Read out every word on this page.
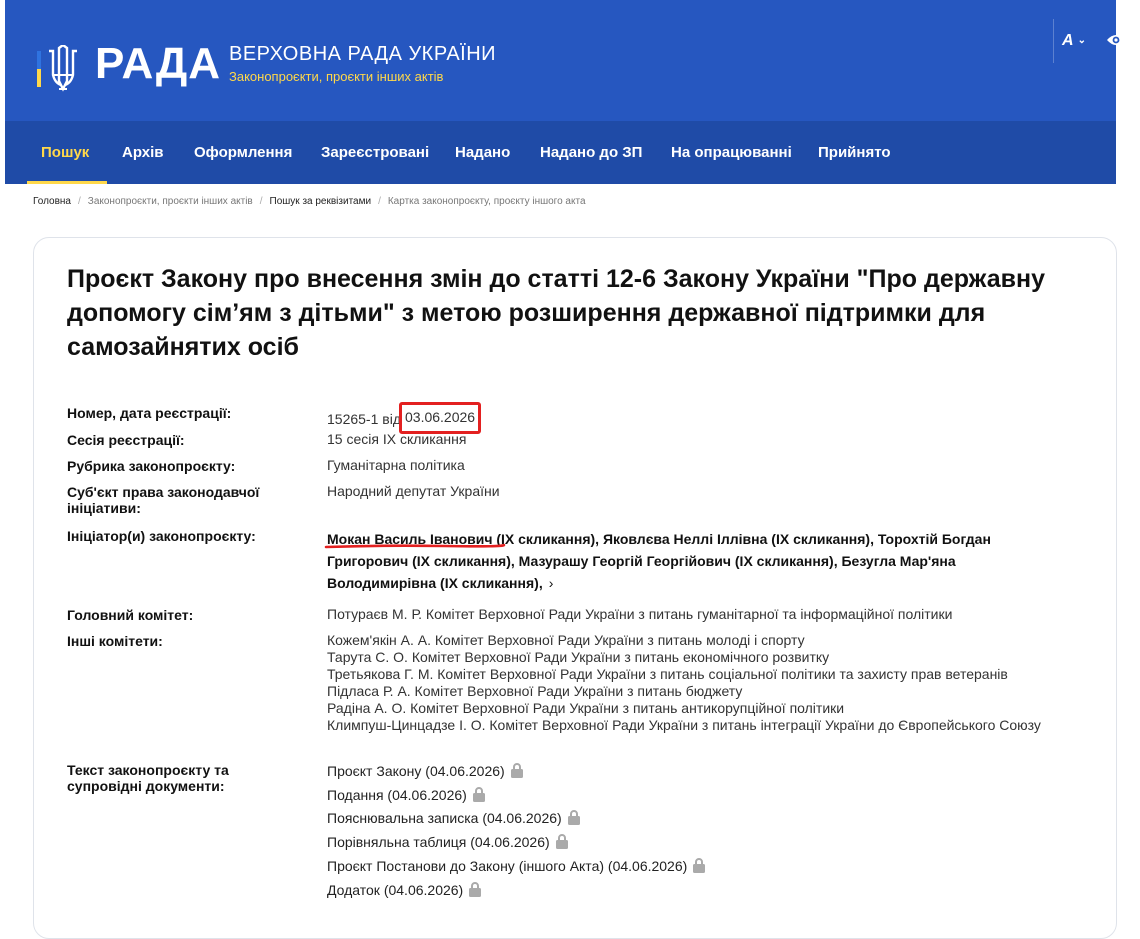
РАДА ВЕРХОВНА РАДА УКРАЇНИ
Законопроєкти, проєкти інших актів
A ⌄
Пошук Архів Оформлення Зареєстровані Надано Надано до ЗП На опрацюванні Прийнято
Головна / Законопроєкти, проєкти інших актів / Пошук за реквізитами / Картка законопроєкту, проєкту іншого акта
Проєкт Закону про внесення змін до статті 12-6 Закону України "Про державну допомогу сім’ям з дітьми" з метою розширення державної підтримки для самозайнятих осіб
Номер, дата реєстрації:	15265-1 від 03.06.2026
Сесія реєстрації:	15 сесія IX скликання
Рубрика законопроєкту:	Гуманітарна політика
Суб'єкт права законодавчої ініціативи:
Народний депутат України
Ініціатор(и) законопроєкту:	Мокан Василь Іванович (IX скликання), Яковлєва Неллі Іллівна (IX скликання), Торохтій Богдан Григорович (IX скликання), Мазурашу Георгій Георгійович (IX скликання), Безугла Мар'яна Володимирівна (IX скликання), ›
Головний комітет:	Потураєв М. Р. Комітет Верховної Ради України з питань гуманітарної та інформаційної політики
Інші комітети:	Кожем'якін А. А. Комітет Верховної Ради України з питань молоді і спорту
Тарута С. О. Комітет Верховної Ради України з питань економічного розвитку
Третьякова Г. М. Комітет Верховної Ради України з питань соціальної політики та захисту прав ветеранів
Підласа Р. А. Комітет Верховної Ради України з питань бюджету
Радіна А. О. Комітет Верховної Ради України з питань антикорупційної політики
Климпуш-Цинцадзе І. О. Комітет Верховної Ради України з питань інтеграції України до Європейського Союзу
Текст законопроєкту та супровідні документи:
Проєкт Закону (04.06.2026)
Подання (04.06.2026)
Пояснювальна записка (04.06.2026)
Порівняльна таблиця (04.06.2026)
Проєкт Постанови до Закону (іншого Акта) (04.06.2026)
Додаток (04.06.2026)
